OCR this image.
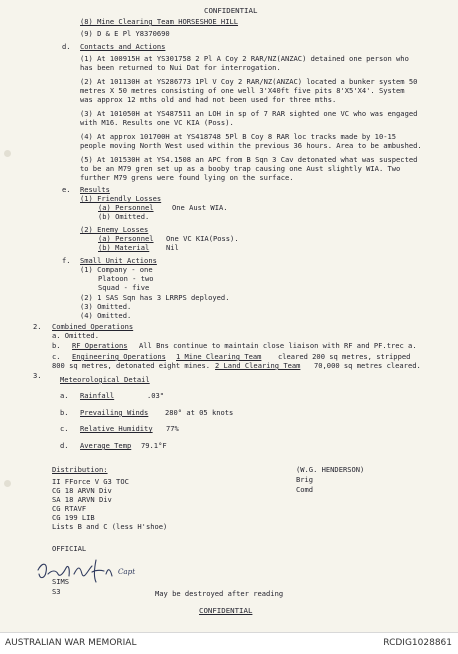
CONFIDENTIAL
(8) Mine Clearing Team HORSESHOE HILL
(9) D & E Pl Y8370690
d. Contacts and Actions
(1) At 100915H at YS301758 2 Pl A Coy 2 RAR/NZ(ANZAC) detained one person who
has been returned to Nui Dat for interrogation.
(2) At 101130H at YS286773 1Pl V Coy 2 RAR/NZ(ANZAC) located a bunker system 50
metres X 50 metres consisting of one well 3'X40ft five pits 8'X5'X4'. System
was approx 12 mths old and had not been used for three mths.
(3) At 101050H at YS487511 an LOH in sp of 7 RAR sighted one VC who was engaged
with M16. Results one VC KIA (Poss).
(4) At approx 101700H at YS418748 5Pl B Coy 8 RAR loc tracks made by 10-15
people moving North West used within the previous 36 hours. Area to be ambushed.
(5) At 101530H at YS4.1508 an APC from B Sqn 3 Cav detonated what was suspected
to be an M79 gren set up as a booby trap causing one Aust slightly WIA. Two
further M79 grens were found lying on the surface.
e. Results
(1) Friendly Losses
(a) Personnel	One Aust WIA.
(b) Omitted.
(2) Enemy Losses
(a) Personnel One VC KIA(Poss).
(b) Material Nil
f. Small Unit Actions
(1) Company - one
Platoon - two
Squad - five
(2) 1 SAS Sqn has 3 LRRPS deployed.
(3) Omitted.
(4) Omitted.
2. Combined Operations
a. Omitted.
b. RF Operations All Bns continue to maintain close liaison with RF and PF.trec a.
c. Engineering Operations 1 Mine Clearing Team cleared 200 sq metres, stripped
800 sq metres, detonated eight mines. 2 Land Clearing Team 70,000 sq metres cleared.
3.	Meteorological Detail
a. Rainfall	.03"
b. Prevailing Winds 280° at 05 knots
c. Relative Humidity 77%
d. Average Temp 79.1°F
Distribution:
II FForce V G3 TOC
CG 18 ARVN Div
SA 18 ARVN Div
CG RTAVF
CG 199 LIB
Lists B and C (less H'shoe)
(W.G. HENDERSON)
Brig
Comd
OFFICIAL
Capt
SIMS
S3	May be destroyed after reading
CONFIDENTIAL
AUSTRALIAN WAR MEMORIAL	RCDIG1028861
